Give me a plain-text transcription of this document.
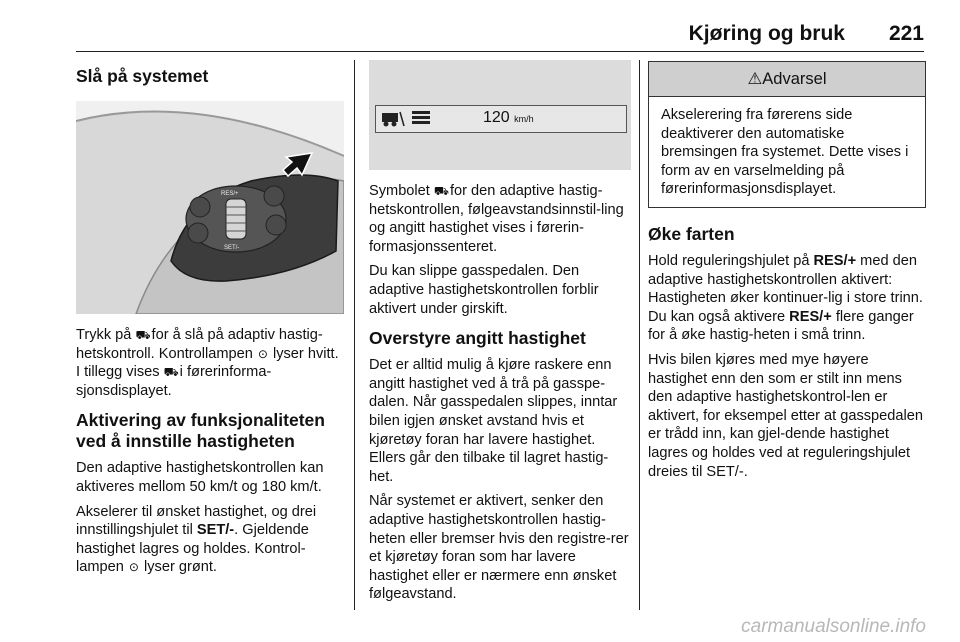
Kjøring og bruk 221
Slå på systemet
RES/+
SET/-

Trykk på ⛟ for å slå på adaptiv hastig-hetskontroll. Kontrollampen ⊙ lyser hvitt. I tillegg vises ⛟ i førerinforma-sjonsdisplayet.

Aktivering av funksjonaliteten ved å innstille hastigheten

Den adaptive hastighetskontrollen kan aktiveres mellom 50 km/t og 180 km/t.

Akselerer til ønsket hastighet, og drei innstillingshjulet til SET/-. Gjeldende hastighet lagres og holdes. Kontrol-lampen ⊙ lyser grønt.

120 km/h

Symbolet ⛟ for den adaptive hastig-hetskontrollen, følgeavstandsinnstil-ling og angitt hastighet vises i førerin-formasjonssenteret.

Du kan slippe gasspedalen. Den adaptive hastighetskontrollen forblir aktivert under girskift.

Overstyre angitt hastighet

Det er alltid mulig å kjøre raskere enn angitt hastighet ved å trå på gasspe-dalen. Når gasspedalen slippes, inntar bilen igjen ønsket avstand hvis et kjøretøy foran har lavere hastighet. Ellers går den tilbake til lagret hastig-het.

Når systemet er aktivert, senker den adaptive hastighetskontrollen hastig-heten eller bremser hvis den registre-rer et kjøretøy foran som har lavere hastighet eller er nærmere enn ønsket følgeavstand.

⚠Advarsel
Akselerering fra førerens side deaktiverer den automatiske bremsingen fra systemet. Dette vises i form av en varselmelding på førerinformasjonsdisplayet.
Øke farten

Hold reguleringshjulet på RES/+ med den adaptive hastighetskontrollen aktivert: Hastigheten øker kontinuer-lig i store trinn. Du kan også aktivere RES/+ flere ganger for å øke hastig-heten i små trinn.

Hvis bilen kjøres med mye høyere hastighet enn den som er stilt inn mens den adaptive hastighetskontrol-len er aktivert, for eksempel etter at gasspedalen er trådd inn, kan gjel-dende hastighet lagres og holdes ved at reguleringshjulet dreies til SET/-.

carmanualsonline.info
